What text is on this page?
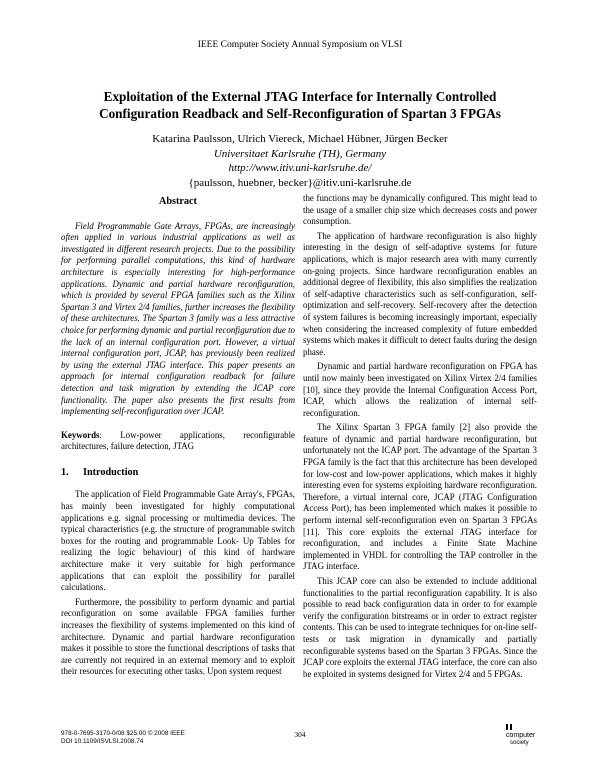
IEEE Computer Society Annual Symposium on VLSI
Exploitation of the External JTAG Interface for Internally Controlled
Configuration Readback and Self-Reconfiguration of Spartan 3 FPGAs
Katarina Paulsson, Ulrich Viereck, Michael Hübner, Jürgen Becker
Universitaet Karlsruhe (TH), Germany
http://www.itiv.uni-karlsruhe.de/
{paulsson, huebner, becker}@itiv.uni-karlsruhe.de
Abstract

Field Programmable Gate Arrays, FPGAs, are increasingly often applied in various industrial applications as well as investigated in different research projects. Due to the possibility for performing parallel computations, this kind of hardware architecture is especially interesting for high-performance applications. Dynamic and partial hardware reconfiguration, which is provided by several FPGA families such as the Xilinx Spartan 3 and Virtex 2/4 families, further increases the flexibility of these architectures. The Spartan 3 family was a less attractive choice for performing dynamic and partial reconfiguration due to the lack of an internal configuration port. However, a virtual internal configuration port, JCAP, has previously been realized by using the external JTAG interface. This paper presents an approach for internal configuration readback for failure detection and task migration by extending the JCAP core functionality. The paper also presents the first results from implementing self-reconfiguration over JCAP.

Keywords: Low-power applications, reconfigurable architectures, failure detection, JTAG

1. Introduction

The application of Field Programmable Gate Array's, FPGAs, has mainly been investigated for highly computational applications e.g. signal processing or multimedia devices. The typical characteristics (e.g. the structure of programmable switch boxes for the routing and programmable Look- Up Tables for realizing the logic behaviour) of this kind of hardware architecture make it very suitable for high performance applications that can exploit the possibility for parallel calculations.

Furthermore, the possibility to perform dynamic and partial reconfiguration on some available FPGA families further increases the flexibility of systems implemented on this kind of architecture. Dynamic and partial hardware reconfiguration makes it possible to store the functional descriptions of tasks that are currently not required in an external memory and to exploit their resources for executing other tasks. Upon system request

the functions may be dynamically configured. This might lead to the usage of a smaller chip size which decreases costs and power consumption.

The application of hardware reconfiguration is also highly interesting in the design of self-adaptive systems for future applications, which is major research area with many currently on-going projects. Since hardware reconfiguration enables an additional degree of flexibility, this also simplifies the realization of self-adaptive characteristics such as self-configuration, self-optimization and self-recovery. Self-recovery after the detection of system failures is becoming increasingly important, especially when considering the increased complexity of future embedded systems which makes it difficult to detect faults during the design phase.

Dynamic and partial hardware reconfiguration on FPGA has until now mainly been investigated on Xilinx Virtex 2/4 families [10], since they provide the Internal Configuration Access Port, ICAP, which allows the realization of internal self-reconfiguration.

The Xilinx Spartan 3 FPGA family [2] also provide the feature of dynamic and partial hardware reconfiguration, but unfortunately not the ICAP port. The advantage of the Spartan 3 FPGA family is the fact that this architecture has been developed for low-cost and low-power applications, which makes it highly interesting even for systems exploiting hardware reconfiguration. Therefore, a virtual internal core, JCAP (JTAG Configuration Access Port), has been implemented which makes it possible to perform internal self-reconfiguration even on Spartan 3 FPGAs [11]. This core exploits the external JTAG interface for reconfiguration, and includes a Finite State Machine implemented in VHDL for controlling the TAP controller in the JTAG interface.

This JCAP core can also be extended to include additional functionalities to the partial reconfiguration capability. It is also possible to read back configuration data in order to for example verify the configuration bitstreams or in order to extract register contents. This can be used to integrate techniques for on-line self-tests or task migration in dynamically and partially reconfigurable systems based on the Spartan 3 FPGAs. Since the JCAP core exploits the external JTAG interface, the core can also be exploited in systems designed for Virtex 2/4 and 5 FPGAs.

978-0-7695-3170-0/08 $25.00 © 2008 IEEE
DOI 10.1109/ISVLSI.2008.74
304	computer
society
